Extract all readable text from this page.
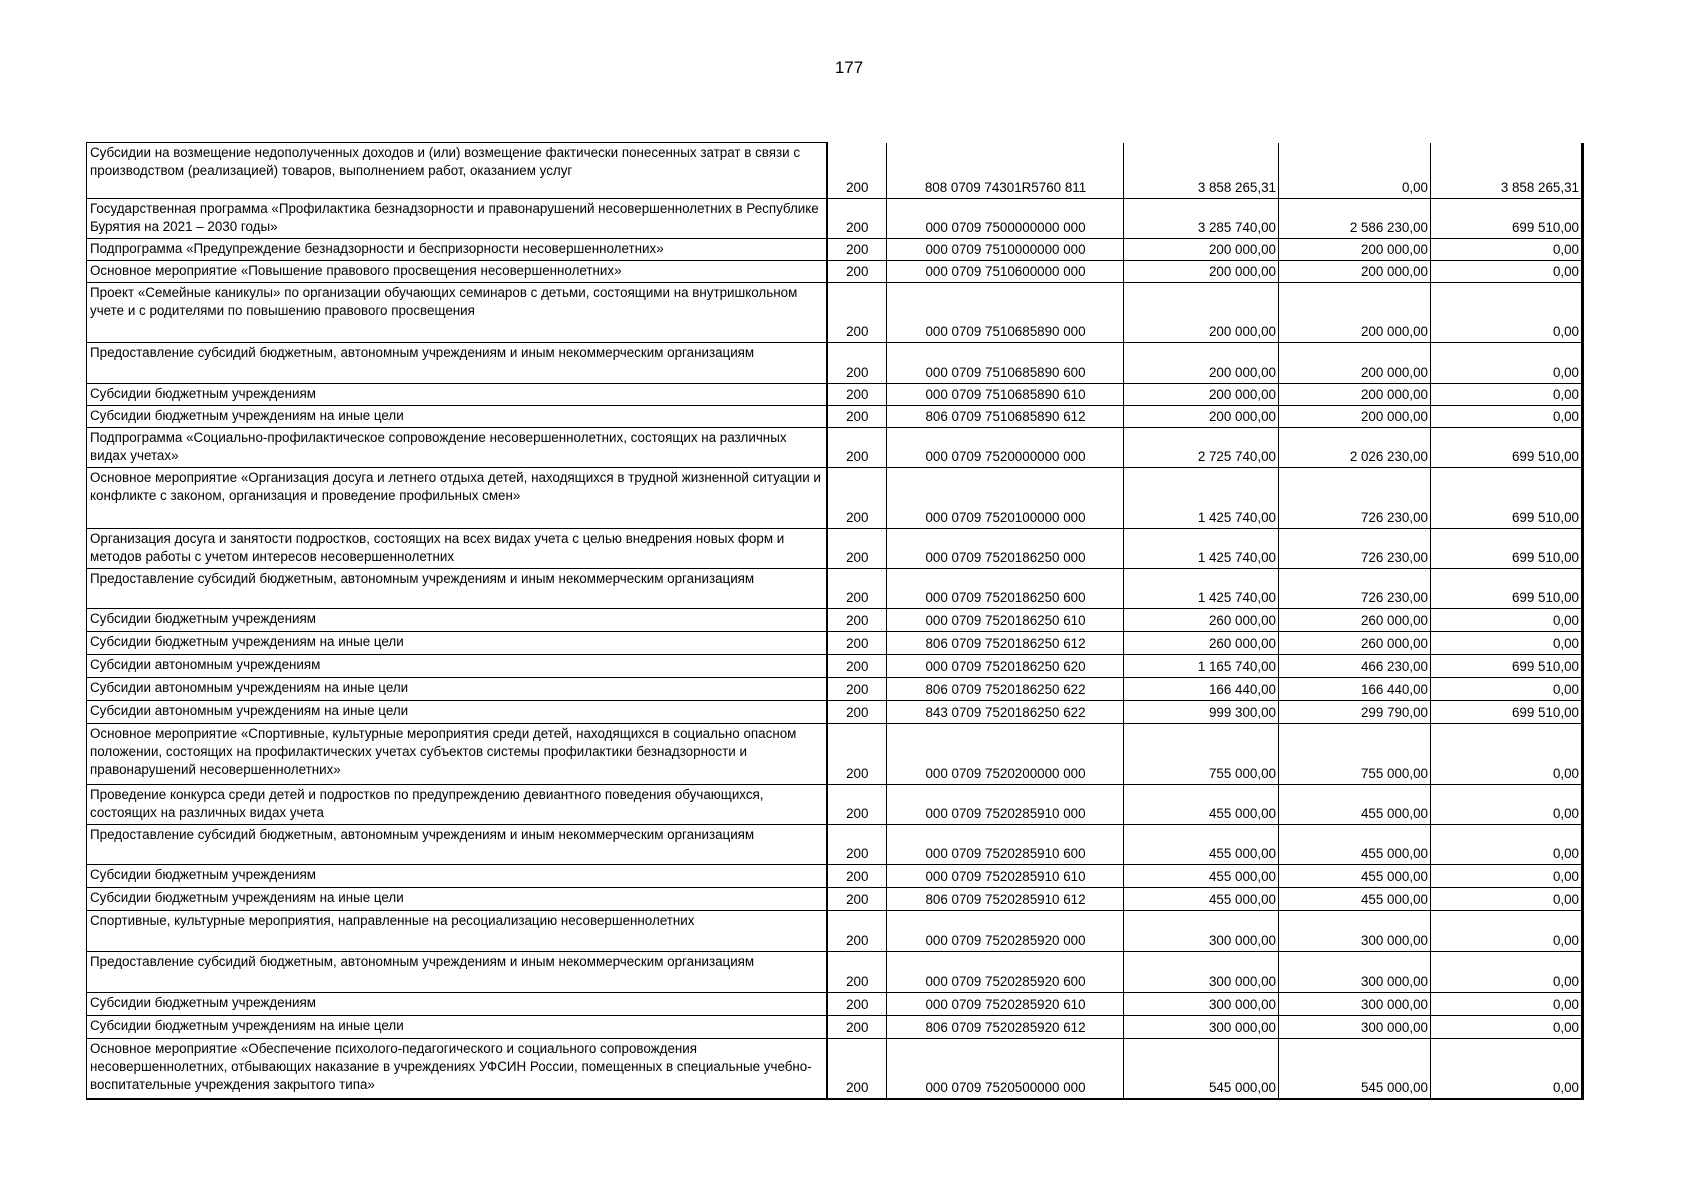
177
Субсидии на возмещение недополученных доходов и (или) возмещение фактически понесенных затрат в связи с производством (реализацией) товаров, выполнением работ, оказанием услуг	200	808 0709 74301R5760 811	3 858 265,31	0,00	3 858 265,31
Государственная программа «Профилактика безнадзорности и правонарушений несовершеннолетних в Республике Бурятия на 2021 – 2030 годы»	200	000 0709 7500000000 000	3 285 740,00	2 586 230,00	699 510,00
Подпрограмма «Предупреждение безнадзорности и беспризорности несовершеннолетних»	200	000 0709 7510000000 000	200 000,00	200 000,00	0,00
Основное мероприятие «Повышение правового просвещения несовершеннолетних»	200	000 0709 7510600000 000	200 000,00	200 000,00	0,00
Проект «Семейные каникулы» по организации обучающих семинаров с детьми, состоящими на внутришкольном учете и с родителями по повышению правового просвещения	200	000 0709 7510685890 000	200 000,00	200 000,00	0,00
Предоставление субсидий бюджетным, автономным учреждениям и иным некоммерческим организациям	200	000 0709 7510685890 600	200 000,00	200 000,00	0,00
Субсидии бюджетным учреждениям	200	000 0709 7510685890 610	200 000,00	200 000,00	0,00
Субсидии бюджетным учреждениям на иные цели	200	806 0709 7510685890 612	200 000,00	200 000,00	0,00
Подпрограмма «Социально-профилактическое сопровождение несовершеннолетних, состоящих на различных видах учетах»	200	000 0709 7520000000 000	2 725 740,00	2 026 230,00	699 510,00
Основное мероприятие «Организация досуга и летнего отдыха детей, находящихся в трудной жизненной ситуации и конфликте с законом, организация и проведение профильных смен»	200	000 0709 7520100000 000	1 425 740,00	726 230,00	699 510,00
Организация досуга и занятости подростков, состоящих на всех видах учета с целью внедрения новых форм и методов работы с учетом интересов несовершеннолетних	200	000 0709 7520186250 000	1 425 740,00	726 230,00	699 510,00
Предоставление субсидий бюджетным, автономным учреждениям и иным некоммерческим организациям	200	000 0709 7520186250 600	1 425 740,00	726 230,00	699 510,00
Субсидии бюджетным учреждениям	200	000 0709 7520186250 610	260 000,00	260 000,00	0,00
Субсидии бюджетным учреждениям на иные цели	200	806 0709 7520186250 612	260 000,00	260 000,00	0,00
Субсидии автономным учреждениям	200	000 0709 7520186250 620	1 165 740,00	466 230,00	699 510,00
Субсидии автономным учреждениям на иные цели	200	806 0709 7520186250 622	166 440,00	166 440,00	0,00
Субсидии автономным учреждениям на иные цели	200	843 0709 7520186250 622	999 300,00	299 790,00	699 510,00
Основное мероприятие «Спортивные, культурные мероприятия среди детей, находящихся в социально опасном положении, состоящих на профилактических учетах субъектов системы профилактики безнадзорности и правонарушений несовершеннолетних»	200	000 0709 7520200000 000	755 000,00	755 000,00	0,00
Проведение конкурса среди детей и подростков по предупреждению девиантного поведения обучающихся, состоящих на различных видах учета	200	000 0709 7520285910 000	455 000,00	455 000,00	0,00
Предоставление субсидий бюджетным, автономным учреждениям и иным некоммерческим организациям	200	000 0709 7520285910 600	455 000,00	455 000,00	0,00
Субсидии бюджетным учреждениям	200	000 0709 7520285910 610	455 000,00	455 000,00	0,00
Субсидии бюджетным учреждениям на иные цели	200	806 0709 7520285910 612	455 000,00	455 000,00	0,00
Спортивные, культурные мероприятия, направленные на ресоциализацию несовершеннолетних	200	000 0709 7520285920 000	300 000,00	300 000,00	0,00
Предоставление субсидий бюджетным, автономным учреждениям и иным некоммерческим организациям	200	000 0709 7520285920 600	300 000,00	300 000,00	0,00
Субсидии бюджетным учреждениям	200	000 0709 7520285920 610	300 000,00	300 000,00	0,00
Субсидии бюджетным учреждениям на иные цели	200	806 0709 7520285920 612	300 000,00	300 000,00	0,00
Основное мероприятие «Обеспечение психолого-педагогического и социального сопровождения несовершеннолетних, отбывающих наказание в учреждениях УФСИН России, помещенных в специальные учебно- воспитательные учреждения закрытого типа»	200	000 0709 7520500000 000	545 000,00	545 000,00	0,00
